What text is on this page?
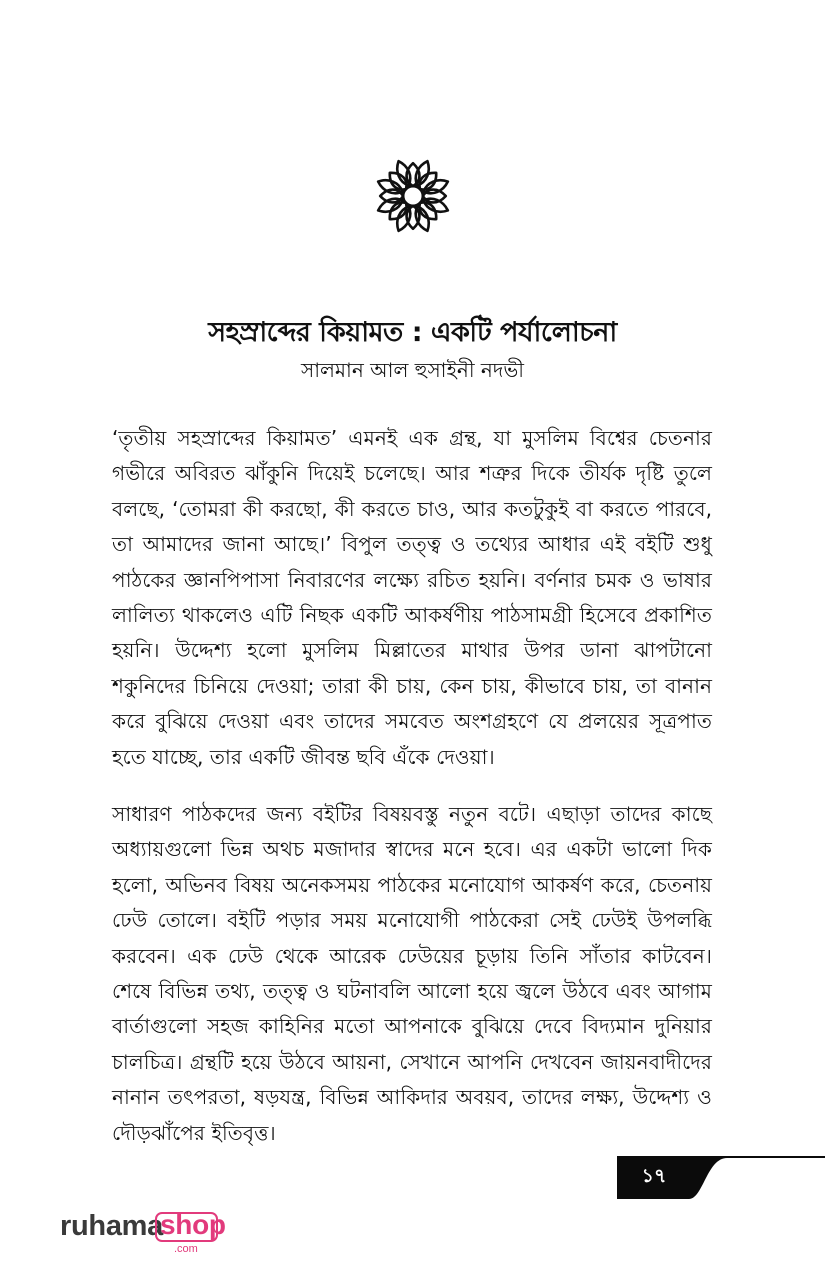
সহস্রাব্দের কিয়ামত : একটি পর্যালোচনা

সালমান আল হুসাইনী নদভী

‘তৃতীয় সহস্রাব্দের কিয়ামত’ এমনই এক গ্রন্থ, যা মুসলিম বিশ্বের চেতনার গভীরে অবিরত ঝাঁকুনি দিয়েই চলেছে। আর শত্রুর দিকে তীর্যক দৃষ্টি তুলে বলছে, ‘তোমরা কী করছো, কী করতে চাও, আর কতটুকুই বা করতে পারবে, তা আমাদের জানা আছে।’ বিপুল তত্ত্ব ও তথ্যের আধার এই বইটি শুধু পাঠকের জ্ঞানপিপাসা নিবারণের লক্ষ্যে রচিত হয়নি। বর্ণনার চমক ও ভাষার লালিত্য থাকলেও এটি নিছক একটি আকর্ষণীয় পাঠসামগ্রী হিসেবে প্রকাশিত হয়নি। উদ্দেশ্য হলো মুসলিম মিল্লাতের মাথার উপর ডানা ঝাপটানো শকুনিদের চিনিয়ে দেওয়া; তারা কী চায়, কেন চায়, কীভাবে চায়, তা বানান করে বুঝিয়ে দেওয়া এবং তাদের সমবেত অংশগ্রহণে যে প্রলয়ের সূত্রপাত হতে যাচ্ছে, তার একটি জীবন্ত ছবি এঁকে দেওয়া।

সাধারণ পাঠকদের জন্য বইটির বিষয়বস্তু নতুন বটে। এছাড়া তাদের কাছে অধ্যায়গুলো ভিন্ন অথচ মজাদার স্বাদের মনে হবে। এর একটা ভালো দিক হলো, অভিনব বিষয় অনেকসময় পাঠকের মনোযোগ আকর্ষণ করে, চেতনায় ঢেউ তোলে। বইটি পড়ার সময় মনোযোগী পাঠকেরা সেই ঢেউই উপলব্ধি করবেন। এক ঢেউ থেকে আরেক ঢেউয়ের চূড়ায় তিনি সাঁতার কাটবেন। শেষে বিভিন্ন তথ্য, তত্ত্ব ও ঘটনাবলি আলো হয়ে জ্বলে উঠবে এবং আগাম বার্তাগুলো সহজ কাহিনির মতো আপনাকে বুঝিয়ে দেবে বিদ্যমান দুনিয়ার চালচিত্র। গ্রন্থটি হয়ে উঠবে আয়না, সেখানে আপনি দেখবেন জায়নবাদীদের নানান তৎপরতা, ষড়যন্ত্র, বিভিন্ন আকিদার অবয়ব, তাদের লক্ষ্য, উদ্দেশ্য ও দৌড়ঝাঁপের ইতিবৃত্ত।

১৭
ruhama
shop
.com
